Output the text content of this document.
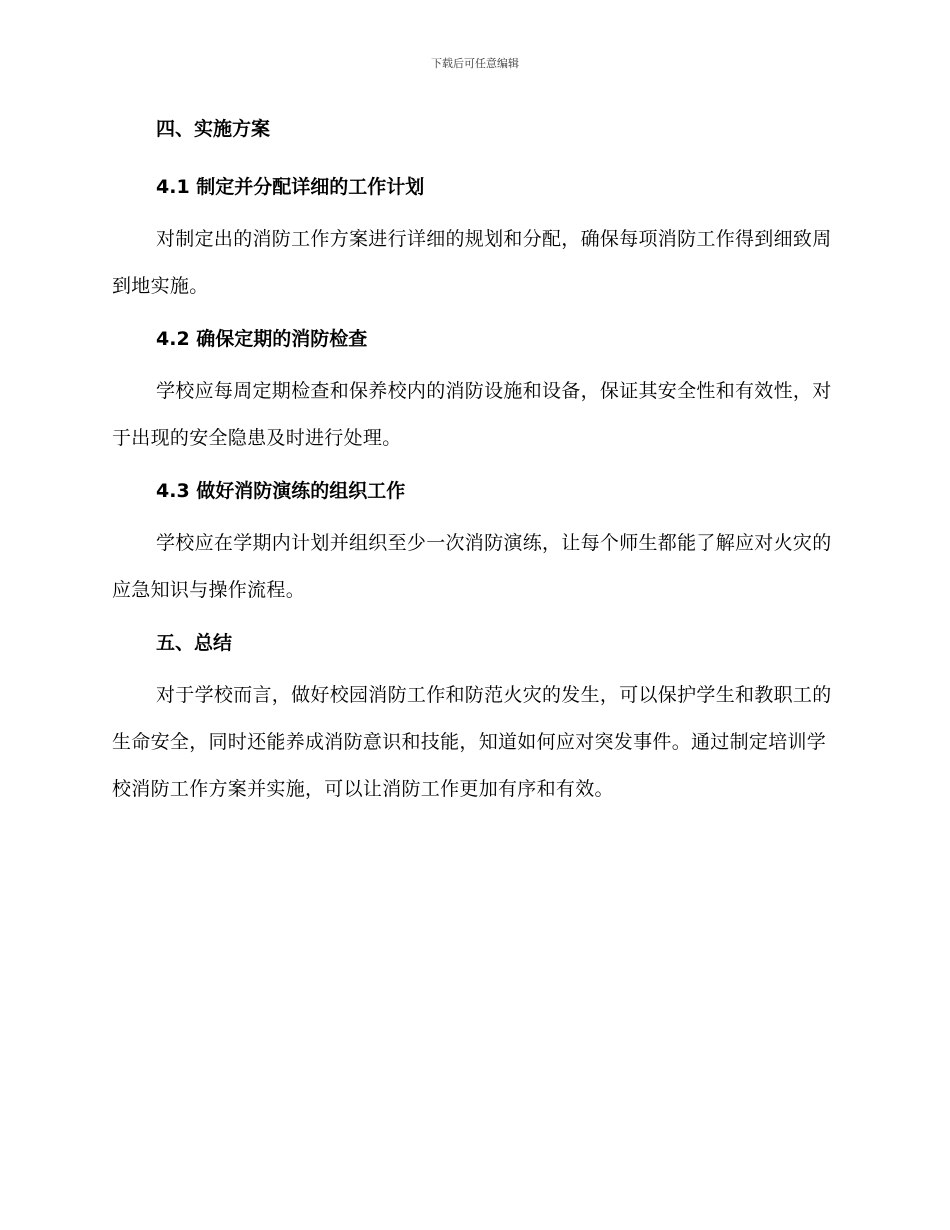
下载后可任意编辑
四、实施方案
4.1 制定并分配详细的工作计划

对制定出的消防工作方案进行详细的规划和分配，确保每项消防工作得到细致周到地实施。

4.2 确保定期的消防检查

学校应每周定期检查和保养校内的消防设施和设备，保证其安全性和有效性，对于出现的安全隐患及时进行处理。

4.3 做好消防演练的组织工作

学校应在学期内计划并组织至少一次消防演练，让每个师生都能了解应对火灾的应急知识与操作流程。

五、总结

对于学校而言，做好校园消防工作和防范火灾的发生，可以保护学生和教职工的生命安全，同时还能养成消防意识和技能，知道如何应对突发事件。通过制定培训学校消防工作方案并实施，可以让消防工作更加有序和有效。
